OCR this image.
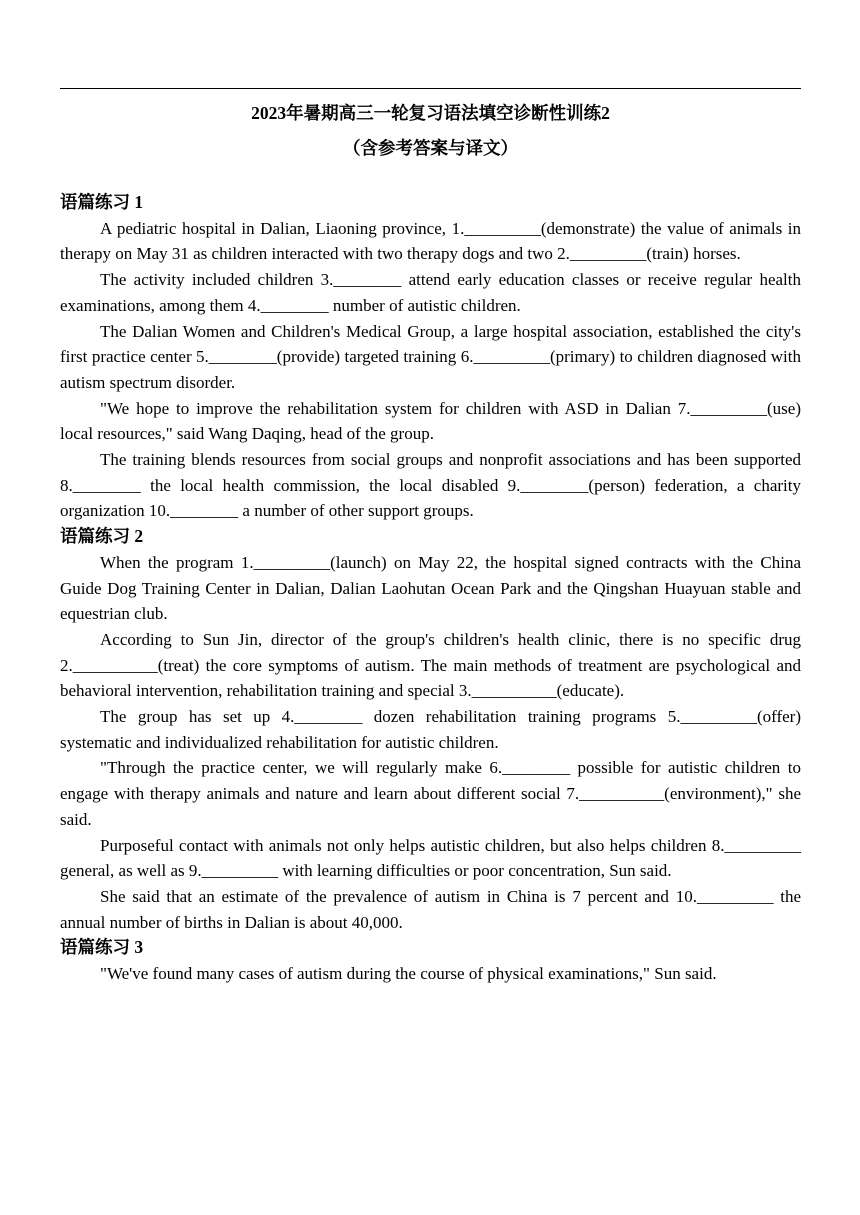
2023年暑期高三一轮复习语法填空诊断性训练2
（含参考答案与译文）
语篇练习 1

A pediatric hospital in Dalian, Liaoning province, 1._________(demonstrate) the value of animals in therapy on May 31 as children interacted with two therapy dogs and two 2._________(train) horses.

The activity included children 3.________ attend early education classes or receive regular health examinations, among them 4.________ number of autistic children.

The Dalian Women and Children's Medical Group, a large hospital association, established the city's first practice center 5.________(provide) targeted training 6._________(primary) to children diagnosed with autism spectrum disorder.

"We hope to improve the rehabilitation system for children with ASD in Dalian 7._________(use) local resources," said Wang Daqing, head of the group.

The training blends resources from social groups and nonprofit associations and has been supported 8.________ the local health commission, the local disabled 9.________(person) federation, a charity organization 10.________ a number of other support groups.

语篇练习 2

When the program 1._________(launch) on May 22, the hospital signed contracts with the China Guide Dog Training Center in Dalian, Dalian Laohutan Ocean Park and the Qingshan Huayuan stable and equestrian club.

According to Sun Jin, director of the group's children's health clinic, there is no specific drug 2.__________(treat) the core symptoms of autism. The main methods of treatment are psychological and behavioral intervention, rehabilitation training and special 3.__________(educate).

The group has set up 4.________ dozen rehabilitation training programs 5._________(offer) systematic and individualized rehabilitation for autistic children.

"Through the practice center, we will regularly make 6.________ possible for autistic children to engage with therapy animals and nature and learn about different social 7.__________(environment)," she said.

Purposeful contact with animals not only helps autistic children, but also helps children 8._________ general, as well as 9._________ with learning difficulties or poor concentration, Sun said.

She said that an estimate of the prevalence of autism in China is 7 percent and 10._________ the annual number of births in Dalian is about 40,000.

语篇练习 3

"We've found many cases of autism during the course of physical examinations," Sun said.
